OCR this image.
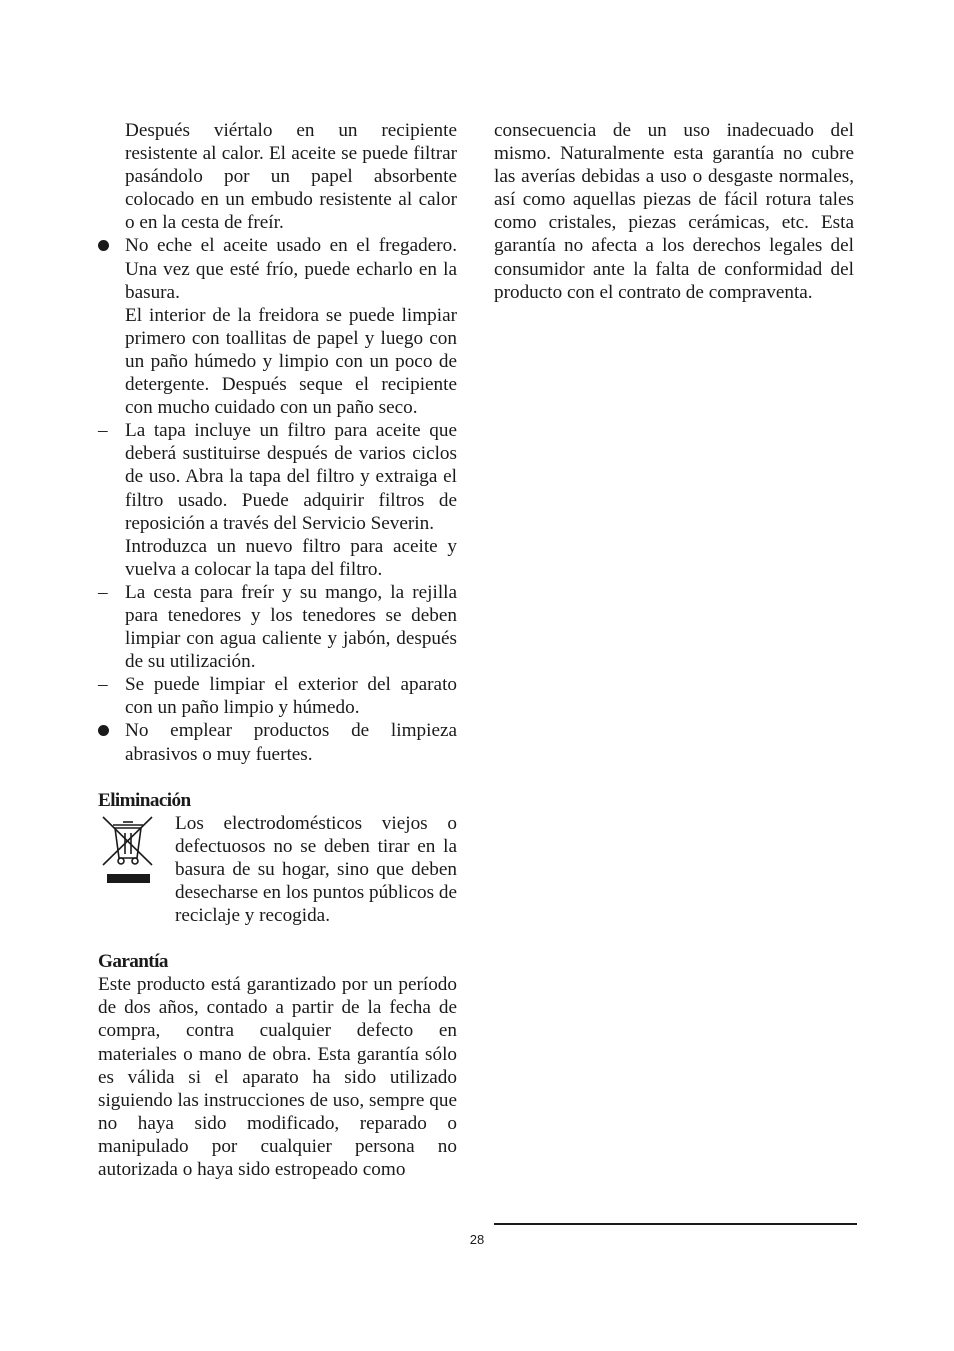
Después viértalo en un recipiente resistente al calor. El aceite se puede filtrar pasándolo por un papel absorbente colocado en un embudo resistente al calor o en la cesta de freír.

No eche el aceite usado en el fregadero. Una vez que esté frío, puede echarlo en la basura.

El interior de la freidora se puede limpiar primero con toallitas de papel y luego con un paño húmedo y limpio con un poco de detergente. Después seque el recipiente con mucho cuidado con un paño seco.

– La tapa incluye un filtro para aceite que deberá sustituirse después de varios ciclos de uso. Abra la tapa del filtro y extraiga el filtro usado. Puede adquirir filtros de reposición a través del Servicio Severin.

Introduzca un nuevo filtro para aceite y vuelva a colocar la tapa del filtro.

– La cesta para freír y su mango, la rejilla para tenedores y los tenedores se deben limpiar con agua caliente y jabón, después de su utilización.

– Se puede limpiar el exterior del aparato con un paño limpio y húmedo.

No emplear productos de limpieza abrasivos o muy fuertes.

Eliminación

Los electrodomésticos viejos o defectuosos no se deben tirar en la basura de su hogar, sino que deben desecharse en los puntos públicos de reciclaje y recogida.

Garantía

Este producto está garantizado por un período de dos años, contado a partir de la fecha de compra, contra cualquier defecto en materiales o mano de obra. Esta garantía sólo es válida si el aparato ha sido utilizado siguiendo las instrucciones de uso, sempre que no haya sido modificado, reparado o manipulado por cualquier persona no autorizada o haya sido estropeado como

consecuencia de un uso inadecuado del mismo. Naturalmente esta garantía no cubre las averías debidas a uso o desgaste normales, así como aquellas piezas de fácil rotura tales como cristales, piezas cerámicas, etc. Esta garantía no afecta a los derechos legales del consumidor ante la falta de conformidad del producto con el contrato de compraventa.

28
